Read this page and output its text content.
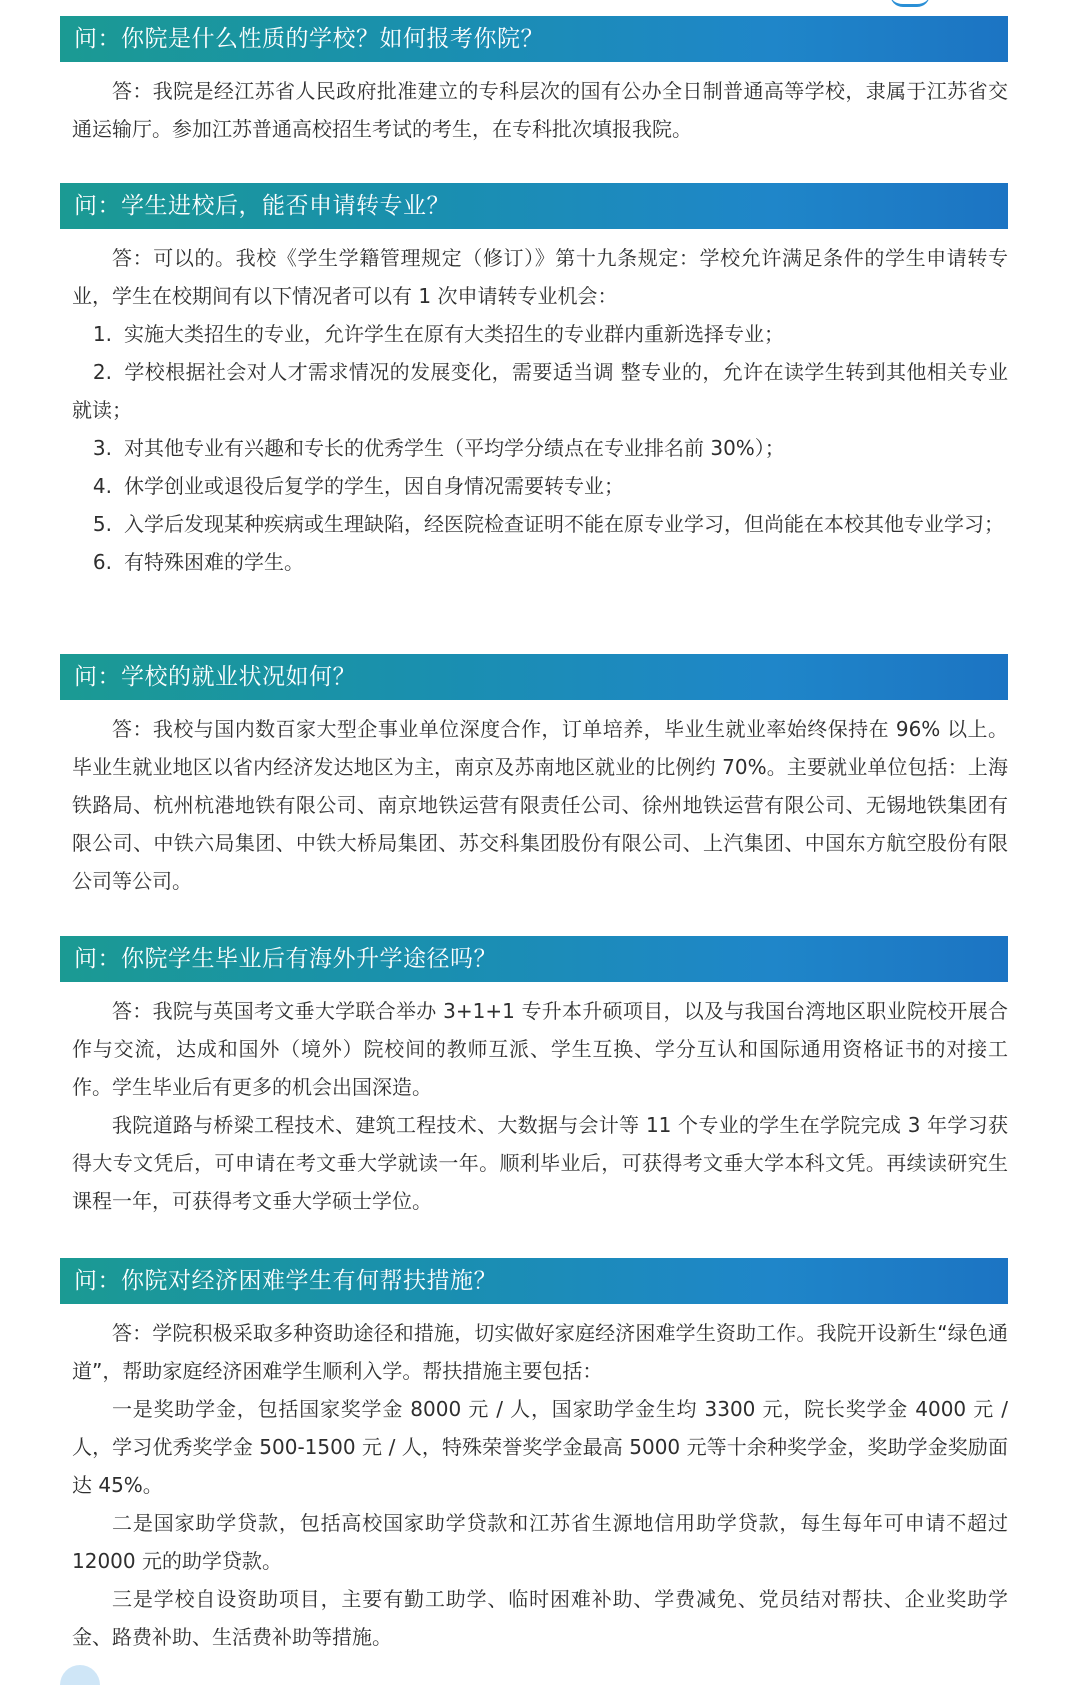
问：你院是什么性质的学校？如何报考你院？

答：我院是经江苏省人民政府批准建立的专科层次的国有公办全日制普通高等学校，隶属于江苏省交通运输厅。参加江苏普通高校招生考试的考生，在专科批次填报我院。

问：学生进校后，能否申请转专业？

答：可以的。我校《学生学籍管理规定（修订）》第十九条规定：学校允许满足条件的学生申请转专业，学生在校期间有以下情况者可以有 1 次申请转专业机会：

1. 实施大类招生的专业，允许学生在原有大类招生的专业群内重新选择专业；

2. 学校根据社会对人才需求情况的发展变化，需要适当调 整专业的，允许在读学生转到其他相关专业就读；

3. 对其他专业有兴趣和专长的优秀学生（平均学分绩点在专业排名前 30%）；

4. 休学创业或退役后复学的学生，因自身情况需要转专业；

5. 入学后发现某种疾病或生理缺陷，经医院检查证明不能在原专业学习，但尚能在本校其他专业学习；

6. 有特殊困难的学生。

问：学校的就业状况如何？

答：我校与国内数百家大型企事业单位深度合作，订单培养，毕业生就业率始终保持在 96% 以上。毕业生就业地区以省内经济发达地区为主，南京及苏南地区就业的比例约 70%。主要就业单位包括：上海铁路局、杭州杭港地铁有限公司、南京地铁运营有限责任公司、徐州地铁运营有限公司、无锡地铁集团有限公司、中铁六局集团、中铁大桥局集团、苏交科集团股份有限公司、上汽集团、中国东方航空股份有限公司等公司。

问：你院学生毕业后有海外升学途径吗？

答：我院与英国考文垂大学联合举办 3+1+1 专升本升硕项目，以及与我国台湾地区职业院校开展合作与交流，达成和国外（境外）院校间的教师互派、学生互换、学分互认和国际通用资格证书的对接工作。学生毕业后有更多的机会出国深造。

我院道路与桥梁工程技术、建筑工程技术、大数据与会计等 11 个专业的学生在学院完成 3 年学习获得大专文凭后，可申请在考文垂大学就读一年。顺利毕业后，可获得考文垂大学本科文凭。再续读研究生课程一年，可获得考文垂大学硕士学位。

问：你院对经济困难学生有何帮扶措施？

答：学院积极采取多种资助途径和措施，切实做好家庭经济困难学生资助工作。我院开设新生“绿色通道”，帮助家庭经济困难学生顺利入学。帮扶措施主要包括：

一是奖助学金，包括国家奖学金 8000 元 / 人，国家助学金生均 3300 元，院长奖学金 4000 元 / 人，学习优秀奖学金 500-1500 元 / 人，特殊荣誉奖学金最高 5000 元等十余种奖学金，奖助学金奖励面达 45%。

二是国家助学贷款，包括高校国家助学贷款和江苏省生源地信用助学贷款，每生每年可申请不超过 12000 元的助学贷款。

三是学校自设资助项目，主要有勤工助学、临时困难补助、学费减免、党员结对帮扶、企业奖助学金、路费补助、生活费补助等措施。
